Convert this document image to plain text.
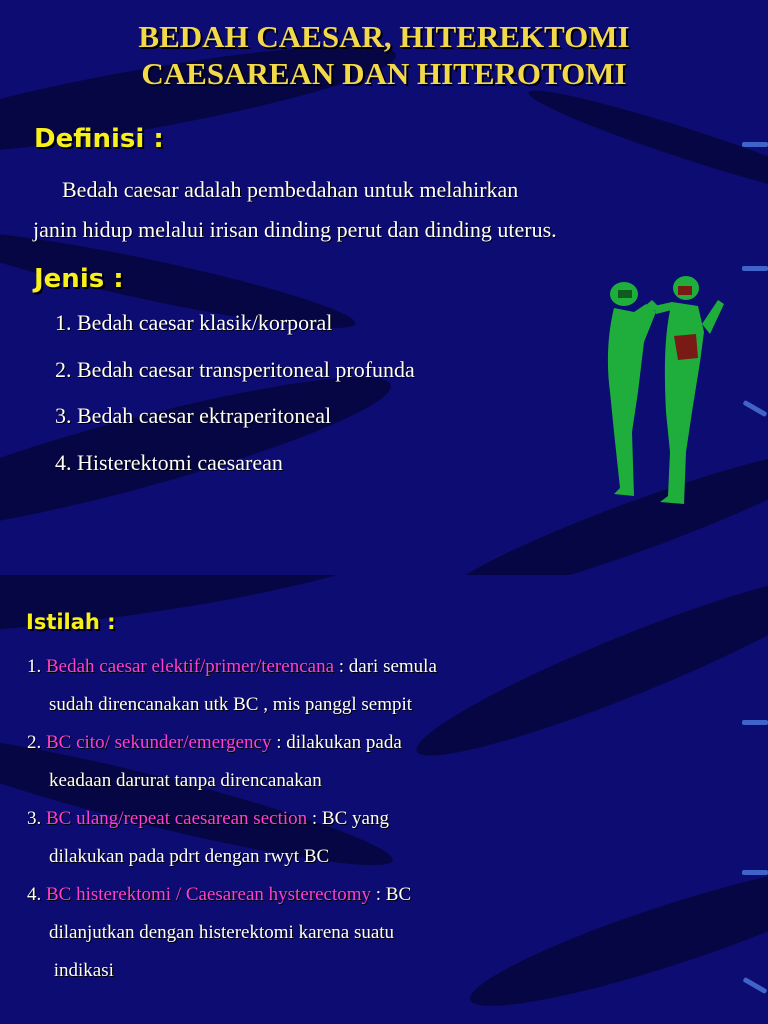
BEDAH CAESAR, HITEREKTOMI
CAESAREAN DAN HITEROTOMI
Definisi :
Bedah caesar adalah pembedahan untuk melahirkan
janin hidup melalui irisan dinding perut dan dinding uterus.
Jenis :
1. Bedah caesar klasik/korporal
2. Bedah caesar transperitoneal profunda
3. Bedah caesar ektraperitoneal
4. Histerektomi caesarean
Istilah :
1. Bedah caesar elektif/primer/terencana : dari semula
sudah direncanakan utk BC , mis panggl sempit
2. BC cito/ sekunder/emergency : dilakukan pada
keadaan darurat tanpa direncanakan
3. BC ulang/repeat caesarean section : BC yang
dilakukan pada pdrt dengan rwyt BC
4. BC histerektomi / Caesarean hysterectomy : BC
dilanjutkan dengan histerektomi karena suatu
indikasi
